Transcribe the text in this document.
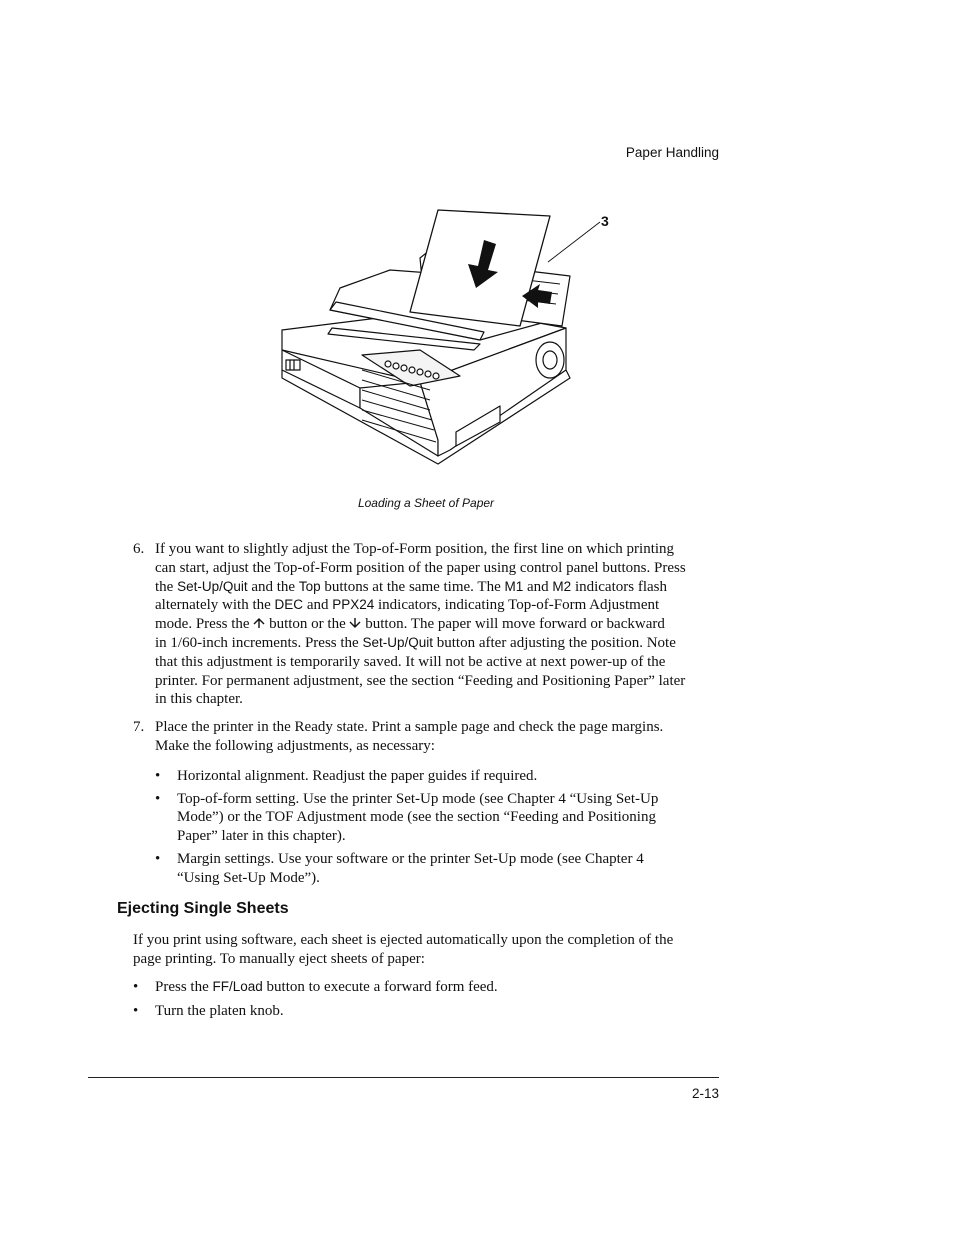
Paper Handling
3
Loading a Sheet of Paper
6. If you want to slightly adjust the Top-of-Form position, the first line on which printing
can start, adjust the Top-of-Form position of the paper using control panel buttons. Press
the Set-Up/Quit and the Top buttons at the same time. The M1 and M2 indicators flash
alternately with the DEC and PPX24 indicators, indicating Top-of-Form Adjustment
mode. Press the  button or the  button. The paper will move forward or backward
in 1/60-inch increments. Press the Set-Up/Quit button after adjusting the position. Note
that this adjustment is temporarily saved. It will not be active at next power-up of the
printer. For permanent adjustment, see the section “Feeding and Positioning Paper” later
in this chapter.
7. Place the printer in the Ready state. Print a sample page and check the page margins.
Make the following adjustments, as necessary:
• Horizontal alignment. Readjust the paper guides if required.
• Top-of-form setting. Use the printer Set-Up mode (see Chapter 4 “Using Set-Up
Mode”) or the TOF Adjustment mode (see the section “Feeding and Positioning
Paper” later in this chapter).
• Margin settings. Use your software or the printer Set-Up mode (see Chapter 4
“Using Set-Up Mode”).
Ejecting Single Sheets

If you print using software, each sheet is ejected automatically upon the completion of the
page printing. To manually eject sheets of paper:

• Press the FF/Load button to execute a forward form feed.
• Turn the platen knob.
2-13
